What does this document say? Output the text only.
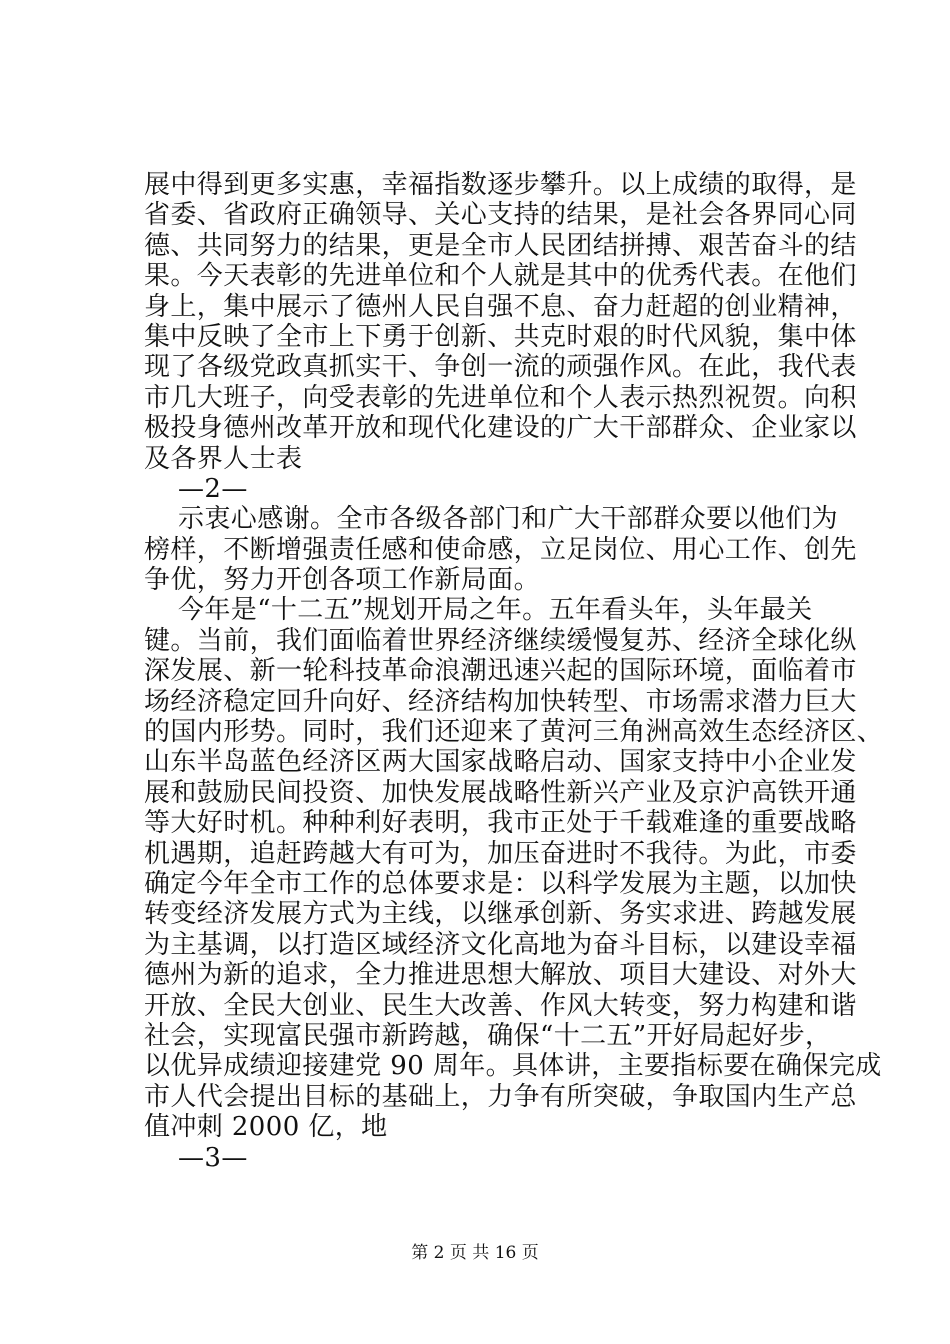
展中得到更多实惠，幸福指数逐步攀升。以上成绩的取得，是
省委、省政府正确领导、关心支持的结果，是社会各界同心同
德、共同努力的结果，更是全市人民团结拼搏、艰苦奋斗的结
果。今天表彰的先进单位和个人就是其中的优秀代表。在他们
身上，集中展示了德州人民自强不息、奋力赶超的创业精神，
集中反映了全市上下勇于创新、共克时艰的时代风貌，集中体
现了各级党政真抓实干、争创一流的顽强作风。在此，我代表
市几大班子，向受表彰的先进单位和个人表示热烈祝贺。向积
极投身德州改革开放和现代化建设的广大干部群众、企业家以
及各界人士表
—2—
示衷心感谢。全市各级各部门和广大干部群众要以他们为
榜样，不断增强责任感和使命感，立足岗位、用心工作、创先
争优，努力开创各项工作新局面。
今年是“十二五”规划开局之年。五年看头年，头年最关
键。当前，我们面临着世界经济继续缓慢复苏、经济全球化纵
深发展、新一轮科技革命浪潮迅速兴起的国际环境，面临着市
场经济稳定回升向好、经济结构加快转型、市场需求潜力巨大
的国内形势。同时，我们还迎来了黄河三角洲高效生态经济区、
山东半岛蓝色经济区两大国家战略启动、国家支持中小企业发
展和鼓励民间投资、加快发展战略性新兴产业及京沪高铁开通
等大好时机。种种利好表明，我市正处于千载难逢的重要战略
机遇期，追赶跨越大有可为，加压奋进时不我待。为此，市委
确定今年全市工作的总体要求是：以科学发展为主题，以加快
转变经济发展方式为主线，以继承创新、务实求进、跨越发展
为主基调，以打造区域经济文化高地为奋斗目标，以建设幸福
德州为新的追求，全力推进思想大解放、项目大建设、对外大
开放、全民大创业、民生大改善、作风大转变，努力构建和谐
社会，实现富民强市新跨越，确保“十二五”开好局起好步，
以优异成绩迎接建党 90 周年。具体讲，主要指标要在确保完成
市人代会提出目标的基础上，力争有所突破，争取国内生产总
值冲刺 2000 亿，地
—3—
第 2 页 共 16 页
